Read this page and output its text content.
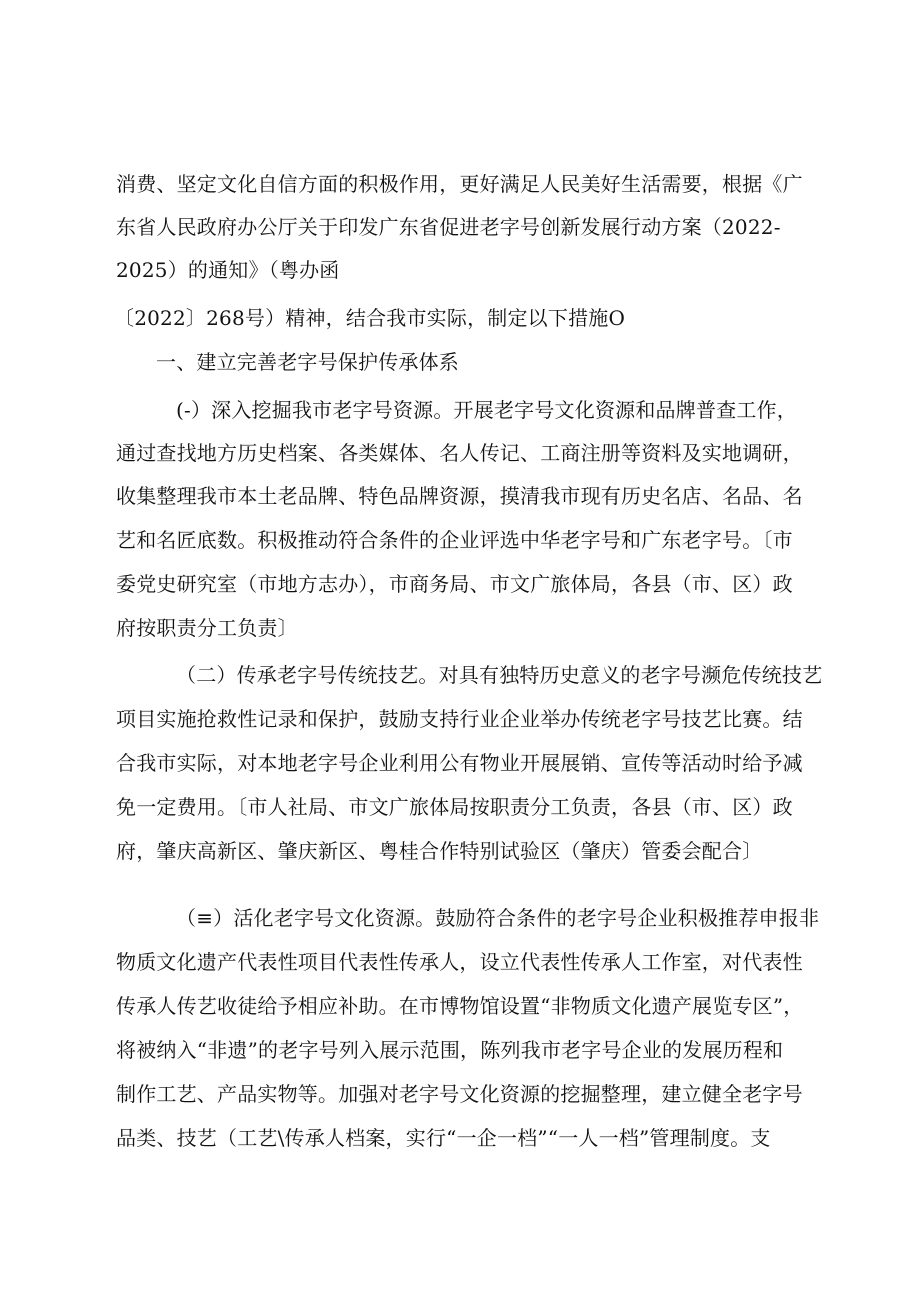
消费、坚定文化自信方面的积极作用，更好满足人民美好生活需要，根据《广
东省人民政府办公厅关于印发广东省促进老字号创新发展行动方案（2022-
2025）的通知》（粤办函
〔2022〕268号）精神，结合我市实际，制定以下措施O
一、建立完善老字号保护传承体系
(-）深入挖掘我市老字号资源。开展老字号文化资源和品牌普查工作，
通过查找地方历史档案、各类媒体、名人传记、工商注册等资料及实地调研，
收集整理我市本土老品牌、特色品牌资源，摸清我市现有历史名店、名品、名
艺和名匠底数。积极推动符合条件的企业评选中华老字号和广东老字号。〔市
委党史研究室（市地方志办），市商务局、市文广旅体局，各县（市、区）政
府按职责分工负责〕
（二）传承老字号传统技艺。对具有独特历史意义的老字号濒危传统技艺
项目实施抢救性记录和保护，鼓励支持行业企业举办传统老字号技艺比赛。结
合我市实际，对本地老字号企业利用公有物业开展展销、宣传等活动时给予减
免一定费用。〔市人社局、市文广旅体局按职责分工负责，各县（市、区）政
府，肇庆高新区、肇庆新区、粤桂合作特别试验区（肇庆）管委会配合〕
（≡）活化老字号文化资源。鼓励符合条件的老字号企业积极推荐申报非
物质文化遗产代表性项目代表性传承人，设立代表性传承人工作室，对代表性
传承人传艺收徒给予相应补助。在市博物馆设置“非物质文化遗产展览专区”，
将被纳入“非遗”的老字号列入展示范围，陈列我市老字号企业的发展历程和
制作工艺、产品实物等。加强对老字号文化资源的挖掘整理，建立健全老字号
品类、技艺（工艺\传承人档案，实行“一企一档”“一人一档”管理制度。支
